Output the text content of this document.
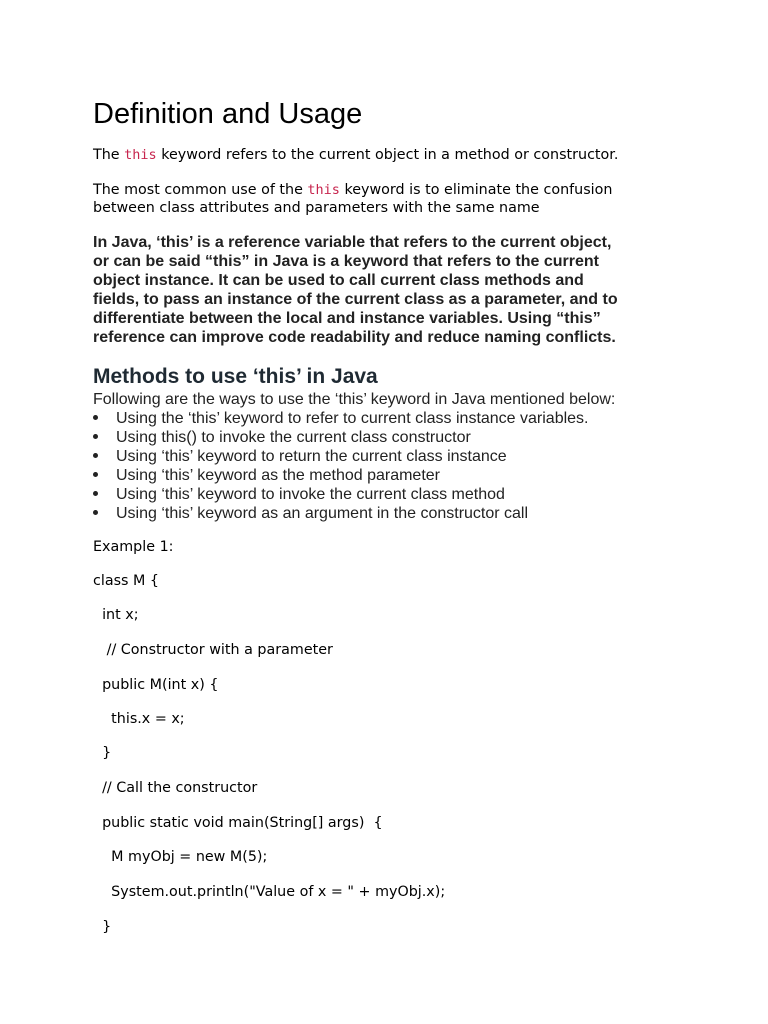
Definition and Usage

The this keyword refers to the current object in a method or constructor.

The most common use of the this keyword is to eliminate the confusion

between class attributes and parameters with the same name

In Java, ‘this’ is a reference variable that refers to the current object,
or can be said “this” in Java is a keyword that refers to the current
object instance. It can be used to call current class methods and
fields, to pass an instance of the current class as a parameter, and to
differentiate between the local and instance variables. Using “this”
reference can improve code readability and reduce naming conflicts.
Methods to use ‘this’ in Java

Following are the ways to use the ‘this’ keyword in Java mentioned below:

Using the ‘this’ keyword to refer to current class instance variables.
Using this() to invoke the current class constructor
Using ‘this’ keyword to return the current class instance
Using ‘this’ keyword as the method parameter
Using ‘this’ keyword to invoke the current class method
Using ‘this’ keyword as an argument in the constructor call

Example 1:

class M {

int x;

// Constructor with a parameter

public M(int x) {

this.x = x;

}

// Call the constructor

public static void main(String[] args)  {

M myObj = new M(5);

System.out.println("Value of x = " + myObj.x);

}
